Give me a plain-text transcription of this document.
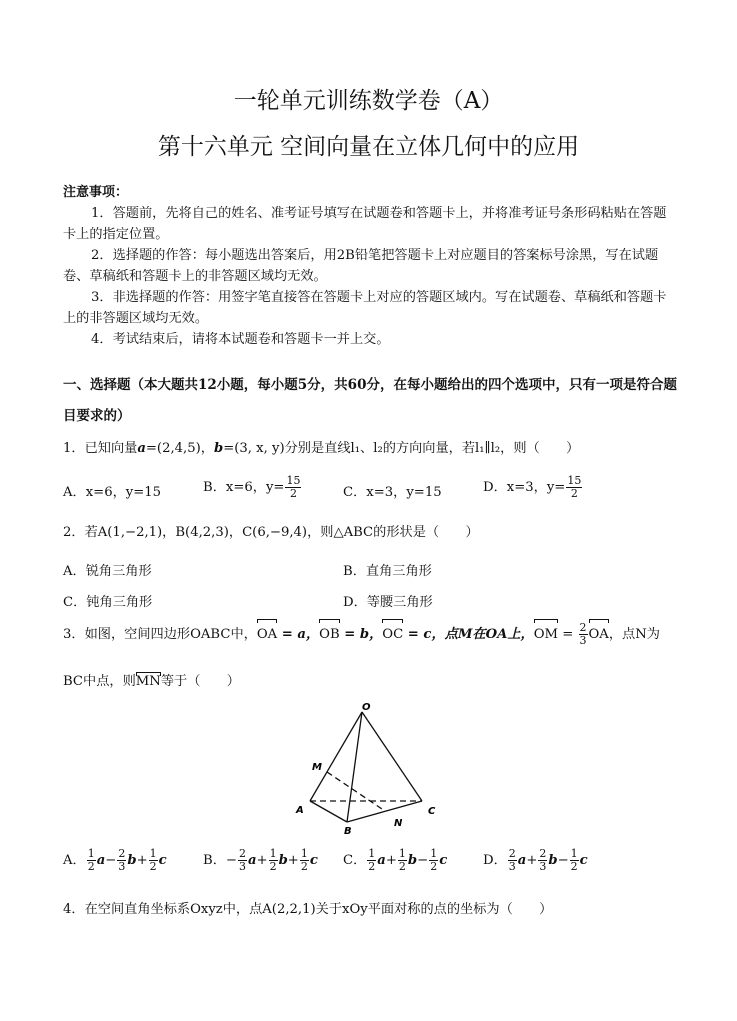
一轮单元训练数学卷（A）
第十六单元 空间向量在立体几何中的应用
注意事项：
1．答题前，先将自己的姓名、准考证号填写在试题卷和答题卡上，并将准考证号条形码粘贴在答题卡上的指定位置。
2．选择题的作答：每小题选出答案后，用2B铅笔把答题卡上对应题目的答案标号涂黑，写在试题卷、草稿纸和答题卡上的非答题区域均无效。
3．非选择题的作答：用签字笔直接答在答题卡上对应的答题区域内。写在试题卷、草稿纸和答题卡上的非答题区域均无效。
4．考试结束后，请将本试题卷和答题卡一并上交。
一、选择题（本大题共12小题，每小题5分，共60分，在每小题给出的四个选项中，只有一项是符合题目要求的）
1．已知向量a=(2,4,5)，b=(3, x, y)分别是直线l₁、l₂的方向向量，若l₁∥l₂，则（　　）
A．x=6，y=15	B．x=6，$y= \frac{15}{2}$	C．x=3，y=15	D．x=3，$y= \frac{15}{2}$
2．若A(1,−2,1)，B(4,2,3)，C(6,−9,4)，则△ABC的形状是（　　）
A．锐角三角形	B．直角三角形
C．钝角三角形	D．等腰三角形
3．如图，空间四边形OABC中，OA = a，OB = b，OC = c，点M在OA上，OM = $\frac{2}{3}$ OA，点N为
BC中点，则MN等于（　　）
O
M
A
B
N
C
A． $\frac{1}{2} a- \frac{2}{3} b+ \frac{1}{2}$ c	B．− $\frac{2}{3} a+ \frac{1}{2} b+ \frac{1}{2}$ c C． $\frac{1}{2} a+ \frac{1}{2} b- \frac{1}{2}$ c	D． $\frac{2}{3} a+ \frac{2}{3} b- \frac{1}{2}$ c
4．在空间直角坐标系Oxyz中，点A(2,2,1)关于xOy平面对称的点的坐标为（　　）
